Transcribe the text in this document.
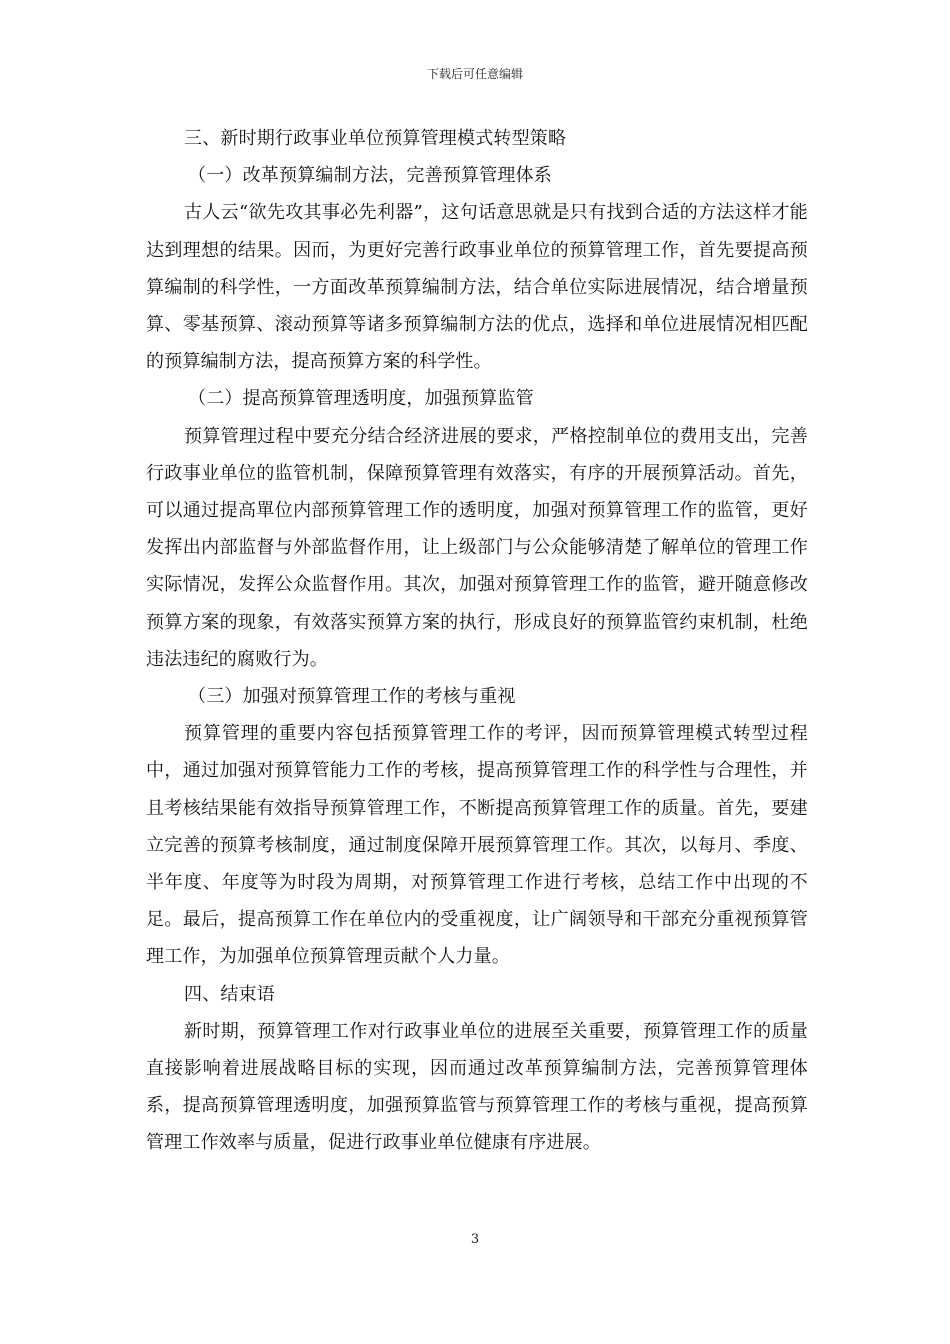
下载后可任意编辑

三、新时期行政事业单位预算管理模式转型策略

（一）改革预算编制方法，完善预算管理体系

古人云“欲先攻其事必先利器”，这句话意思就是只有找到合适的方法这样才能达到理想的结果。因而，为更好完善行政事业单位的预算管理工作，首先要提高预算编制的科学性，一方面改革预算编制方法，结合单位实际进展情况，结合增量预算、零基预算、滚动预算等诸多预算编制方法的优点，选择和单位进展情况相匹配的预算编制方法，提高预算方案的科学性。

（二）提高预算管理透明度，加强预算监管

预算管理过程中要充分结合经济进展的要求，严格控制单位的费用支出，完善行政事业单位的监管机制，保障预算管理有效落实，有序的开展预算活动。首先，可以通过提高單位内部预算管理工作的透明度，加强对预算管理工作的监管，更好发挥出内部监督与外部监督作用，让上级部门与公众能够清楚了解单位的管理工作实际情况，发挥公众监督作用。其次，加强对预算管理工作的监管，避开随意修改预算方案的现象，有效落实预算方案的执行，形成良好的预算监管约束机制，杜绝违法违纪的腐败行为。

（三）加强对预算管理工作的考核与重视

预算管理的重要内容包括预算管理工作的考评，因而预算管理模式转型过程中，通过加强对预算管能力工作的考核，提高预算管理工作的科学性与合理性，并且考核结果能有效指导预算管理工作，不断提高预算管理工作的质量。首先，要建立完善的预算考核制度，通过制度保障开展预算管理工作。其次，以每月、季度、半年度、年度等为时段为周期，对预算管理工作进行考核，总结工作中出现的不足。最后，提高预算工作在单位内的受重视度，让广阔领导和干部充分重视预算管理工作，为加强单位预算管理贡献个人力量。

四、结束语

新时期，预算管理工作对行政事业单位的进展至关重要，预算管理工作的质量直接影响着进展战略目标的实现，因而通过改革预算编制方法，完善预算管理体系，提高预算管理透明度，加强预算监管与预算管理工作的考核与重视，提高预算管理工作效率与质量，促进行政事业单位健康有序进展。

3
